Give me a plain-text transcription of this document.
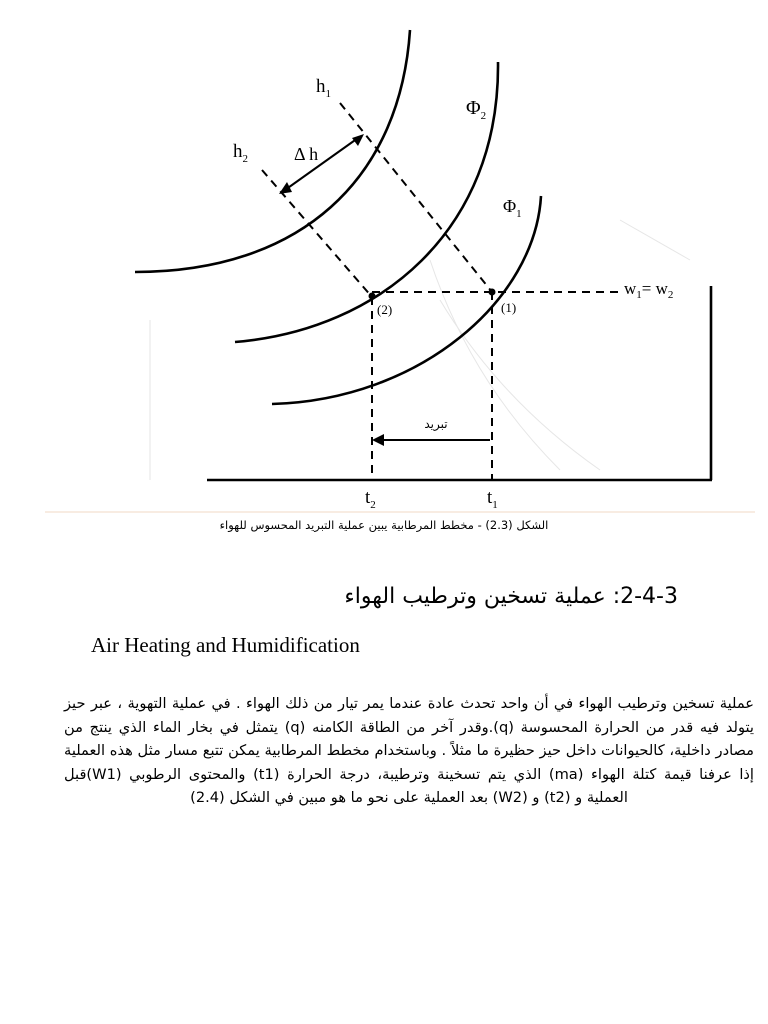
$h_1$
$h_2$	Δ h
$\Phi_2$
$\Phi_1$
$w_1= w_2$
(2)	(1)
تبريد
$t_2$	$t_1$
الشكل (2.3) - مخطط المرطابية يبين عملية التبريد المحسوس للهواء
2-4-3: عملية تسخين وترطيب الهواء
Air Heating and Humidification

عملية تسخين وترطيب الهواء في أن واحد تحدث عادة عندما يمر تيار من ذلك الهواء . في عملية التهوية ، عبر حيز يتولد فيه قدر من الحرارة المحسوسة (q).وقدر آخر من الطاقة الكامنه (q) يتمثل في بخار الماء الذي ينتج من مصادر داخلية، كالحيوانات داخل حيز حظيرة ما مثلاً . وباستخدام مخطط المرطابية يمكن تتبع مسار مثل هذه العملية إذا عرفنا قيمة كتلة الهواء (ma) الذي يتم تسخينة وترطيبة، درجة الحرارة (t1) والمحتوى الرطوبي (W1)قبل العملية و (t2) و (W2) بعد العملية على نحو ما هو مبين في الشكل (2.4)
